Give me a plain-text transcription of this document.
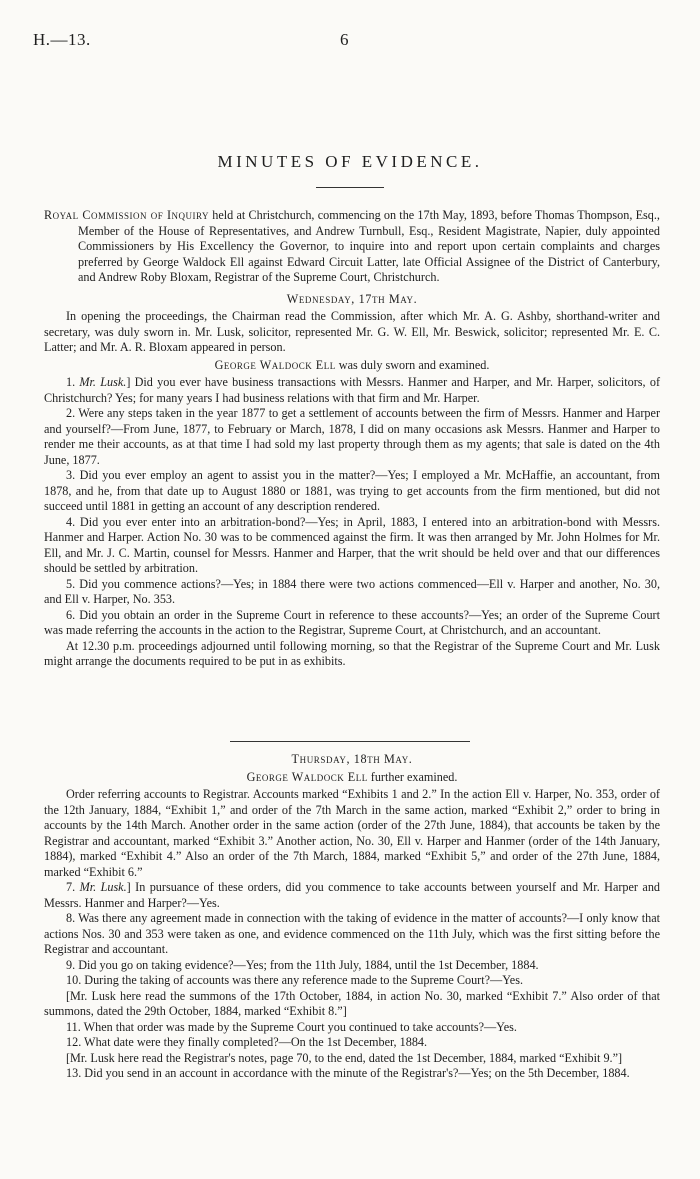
H.—13.	6
MINUTES OF EVIDENCE.

Royal Commission of Inquiry held at Christchurch, commencing on the 17th May, 1893, before Thomas Thompson, Esq., Member of the House of Representatives, and Andrew Turnbull, Esq., Resident Magistrate, Napier, duly appointed Commissioners by His Excellency the Governor, to inquire into and report upon certain complaints and charges preferred by George Waldock Ell against Edward Circuit Latter, late Official Assignee of the District of Canterbury, and Andrew Roby Bloxam, Registrar of the Supreme Court, Christchurch.

Wednesday, 17th May.

In opening the proceedings, the Chairman read the Commission, after which Mr. A. G. Ashby, shorthand-writer and secretary, was duly sworn in. Mr. Lusk, solicitor, represented Mr. G. W. Ell, Mr. Beswick, solicitor; represented Mr. E. C. Latter; and Mr. A. R. Bloxam appeared in person.

George Waldock Ell was duly sworn and examined.

1. Mr. Lusk.] Did you ever have business transactions with Messrs. Hanmer and Harper, and Mr. Harper, solicitors, of Christchurch? Yes; for many years I had business relations with that firm and Mr. Harper.

2. Were any steps taken in the year 1877 to get a settlement of accounts between the firm of Messrs. Hanmer and Harper and yourself?—From June, 1877, to February or March, 1878, I did on many occasions ask Messrs. Hanmer and Harper to render me their accounts, as at that time I had sold my last property through them as my agents; that sale is dated on the 4th June, 1877.

3. Did you ever employ an agent to assist you in the matter?—Yes; I employed a Mr. McHaffie, an accountant, from 1878, and he, from that date up to August 1880 or 1881, was trying to get accounts from the firm mentioned, but did not succeed until 1881 in getting an account of any description rendered.

4. Did you ever enter into an arbitration-bond?—Yes; in April, 1883, I entered into an arbitration-bond with Messrs. Hanmer and Harper. Action No. 30 was to be commenced against the firm. It was then arranged by Mr. John Holmes for Mr. Ell, and Mr. J. C. Martin, counsel for Messrs. Hanmer and Harper, that the writ should be held over and that our differences should be settled by arbitration.

5. Did you commence actions?—Yes; in 1884 there were two actions commenced—Ell v. Harper and another, No. 30, and Ell v. Harper, No. 353.

6. Did you obtain an order in the Supreme Court in reference to these accounts?—Yes; an order of the Supreme Court was made referring the accounts in the action to the Registrar, Supreme Court, at Christchurch, and an accountant.

At 12.30 p.m. proceedings adjourned until following morning, so that the Registrar of the Supreme Court and Mr. Lusk might arrange the documents required to be put in as exhibits.

Thursday, 18th May.

George Waldock Ell further examined.

Order referring accounts to Registrar. Accounts marked “Exhibits 1 and 2.” In the action Ell v. Harper, No. 353, order of the 12th January, 1884, “Exhibit 1,” and order of the 7th March in the same action, marked “Exhibit 2,” order to bring in accounts by the 14th March. Another order in the same action (order of the 27th June, 1884), that accounts be taken by the Registrar and accountant, marked “Exhibit 3.” Another action, No. 30, Ell v. Harper and Hanmer (order of the 14th January, 1884), marked “Exhibit 4.” Also an order of the 7th March, 1884, marked “Exhibit 5,” and order of the 27th June, 1884, marked “Exhibit 6.”

7. Mr. Lusk.] In pursuance of these orders, did you commence to take accounts between yourself and Mr. Harper and Messrs. Hanmer and Harper?—Yes.

8. Was there any agreement made in connection with the taking of evidence in the matter of accounts?—I only know that actions Nos. 30 and 353 were taken as one, and evidence commenced on the 11th July, which was the first sitting before the Registrar and accountant.

9. Did you go on taking evidence?—Yes; from the 11th July, 1884, until the 1st December, 1884.

10. During the taking of accounts was there any reference made to the Supreme Court?—Yes.

[Mr. Lusk here read the summons of the 17th October, 1884, in action No. 30, marked “Exhibit 7.” Also order of that summons, dated the 29th October, 1884, marked “Exhibit 8.”]

11. When that order was made by the Supreme Court you continued to take accounts?—Yes.

12. What date were they finally completed?—On the 1st December, 1884.

[Mr. Lusk here read the Registrar's notes, page 70, to the end, dated the 1st December, 1884, marked “Exhibit 9.”]

13. Did you send in an account in accordance with the minute of the Registrar's?—Yes; on the 5th December, 1884.
